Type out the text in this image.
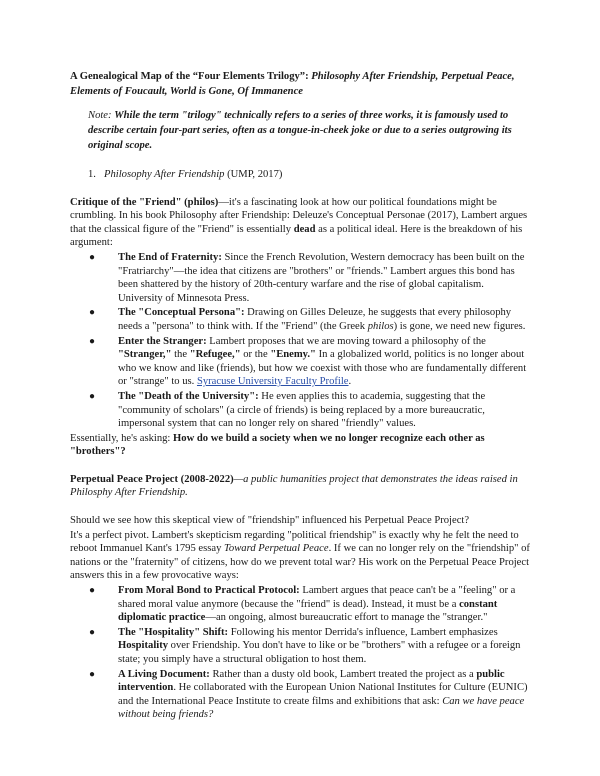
A Genealogical Map of the “Four Elements Trilogy”: Philosophy After Friendship, Perpetual Peace, Elements of Foucault, World is Gone, Of Immanence

Note: While the term "trilogy" technically refers to a series of three works, it is famously used to describe certain four-part series, often as a tongue-in-cheek joke or due to a series outgrowing its original scope.

1. Philosophy After Friendship (UMP, 2017)

Critique of the "Friend" (philos)—it's a fascinating look at how our political foundations might be crumbling. In his book Philosophy after Friendship: Deleuze's Conceptual Personae (2017), Lambert argues that the classical figure of the "Friend" is essentially dead as a political ideal. Here is the breakdown of his argument:

● The End of Fraternity: Since the French Revolution, Western democracy has been built on the "Fratriarchy"—the idea that citizens are "brothers" or "friends." Lambert argues this bond has been shattered by the history of 20th-century warfare and the rise of global capitalism. University of Minnesota Press.
● The "Conceptual Persona": Drawing on Gilles Deleuze, he suggests that every philosophy needs a "persona" to think with. If the "Friend" (the Greek philos) is gone, we need new figures.
● Enter the Stranger: Lambert proposes that we are moving toward a philosophy of the "Stranger," the "Refugee," or the "Enemy." In a globalized world, politics is no longer about who we know and like (friends), but how we coexist with those who are fundamentally different or "strange" to us. Syracuse University Faculty Profile.
● The "Death of the University": He even applies this to academia, suggesting that the "community of scholars" (a circle of friends) is being replaced by a more bureaucratic, impersonal system that can no longer rely on shared "friendly" values.

Essentially, he's asking: How do we build a society when we no longer recognize each other as "brothers"?

Perpetual Peace Project (2008-2022)—a public humanities project that demonstrates the ideas raised in Philosphy After Friendship.

Should we see how this skeptical view of "friendship" influenced his Perpetual Peace Project?

It's a perfect pivot. Lambert's skepticism regarding "political friendship" is exactly why he felt the need to reboot Immanuel Kant's 1795 essay Toward Perpetual Peace. If we can no longer rely on the "friendship" of nations or the "fraternity" of citizens, how do we prevent total war? His work on the Perpetual Peace Project answers this in a few provocative ways:

● From Moral Bond to Practical Protocol: Lambert argues that peace can't be a "feeling" or a shared moral value anymore (because the "friend" is dead). Instead, it must be a constant diplomatic practice—an ongoing, almost bureaucratic effort to manage the "stranger."
● The "Hospitality" Shift: Following his mentor Derrida's influence, Lambert emphasizes Hospitality over Friendship. You don't have to like or be "brothers" with a refugee or a foreign state; you simply have a structural obligation to host them.
● A Living Document: Rather than a dusty old book, Lambert treated the project as a public intervention. He collaborated with the European Union National Institutes for Culture (EUNIC) and the International Peace Institute to create films and exhibitions that ask: Can we have peace without being friends?
